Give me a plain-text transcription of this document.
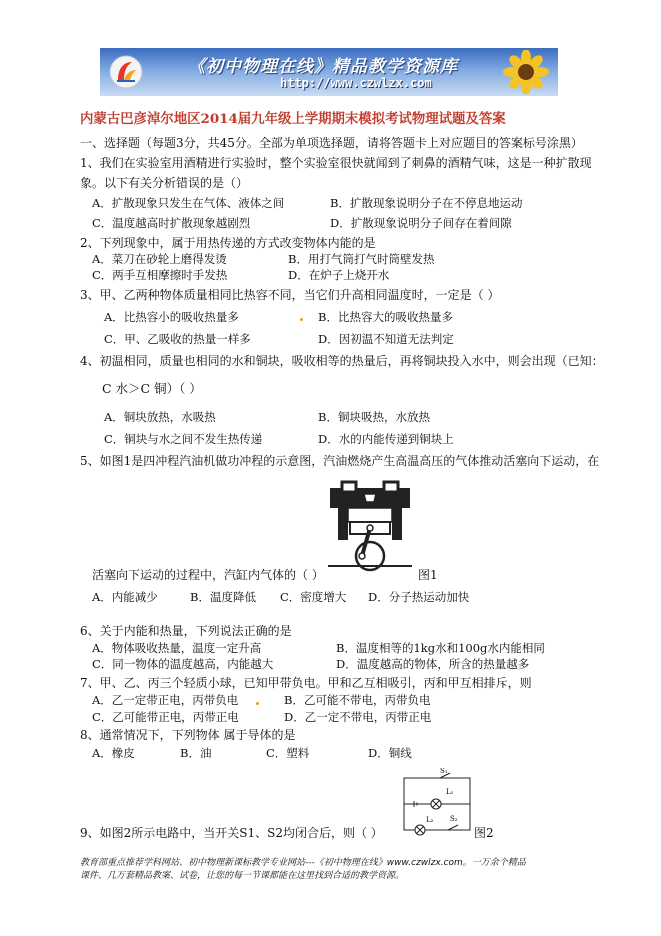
《初中物理在线》精品教学资源库
http://www.czwlzx.com
内蒙古巴彦淖尔地区2014届九年级上学期期末模拟考试物理试题及答案
一、选择题（每题3分，共45分。全部为单项选择题，请将答题卡上对应题目的答案标号涂黑）
1、我们在实验室用酒精进行实验时，整个实验室很快就闻到了刺鼻的酒精气味，这是一种扩散现
象。以下有关分析错误的是（）
A．扩散现象只发生在气体、液体之间	B．扩散现象说明分子在不停息地运动
C．温度越高时扩散现象越剧烈	D．扩散现象说明分子间存在着间隙
2、下列现象中，属于用热传递的方式改变物体内能的是
A．菜刀在砂轮上磨得发烫	B．用打气筒打气时筒壁发热
C．两手互相摩擦时手发热	D．在炉子上烧开水
3、甲、乙两种物体质量相同比热容不同，当它们升高相同温度时，一定是（ ）
A．比热容小的吸收热量多	B．比热容大的吸收热量多
C．甲、乙吸收的热量一样多	D．因初温不知道无法判定
4、初温相同，质量也相同的水和铜块，吸收相等的热量后，再将铜块投入水中，则会出现（已知：
C 水＞C 铜）（ ）
A．铜块放热，水吸热	B．铜块吸热，水放热
C．铜块与水之间不发生热传递	D．水的内能传递到铜块上
5、如图1是四冲程汽油机做功冲程的示意图，汽油燃烧产生高温高压的气体推动活塞向下运动，在
活塞向下运动的过程中，汽缸内气体的（ ）	图1
A．内能减少	B．温度降低 C．密度增大 D．分子热运动加快
6、关于内能和热量，下列说法正确的是
A．物体吸收热量，温度一定升高	B．温度相等的1kg水和100g水内能相同
C．同一物体的温度越高，内能越大	D．温度越高的物体，所含的热量越多
7、甲、乙、丙三个轻质小球，已知甲带负电。甲和乙互相吸引，丙和甲互相排斥，则
A．乙一定带正电，丙带负电	B．乙可能不带电，丙带负电
C．乙可能带正电，丙带正电	D．乙一定不带电，丙带正电
8、通常情况下，下列物体 属于导体的是
A．橡皮	B．油	C．塑料	D．铜线
S₁
L₁
L₂ S₂
9、如图2所示电路中，当开关S1、S2均闭合后，则（ ）	图2
教育部重点推荐学科网站、初中物理新课标教学专业网站---《初中物理在线》www.czwlzx.com。一万余个精品
课件、几万套精品教案、试卷，让您的每一节课都能在这里找到合适的教学资源。
